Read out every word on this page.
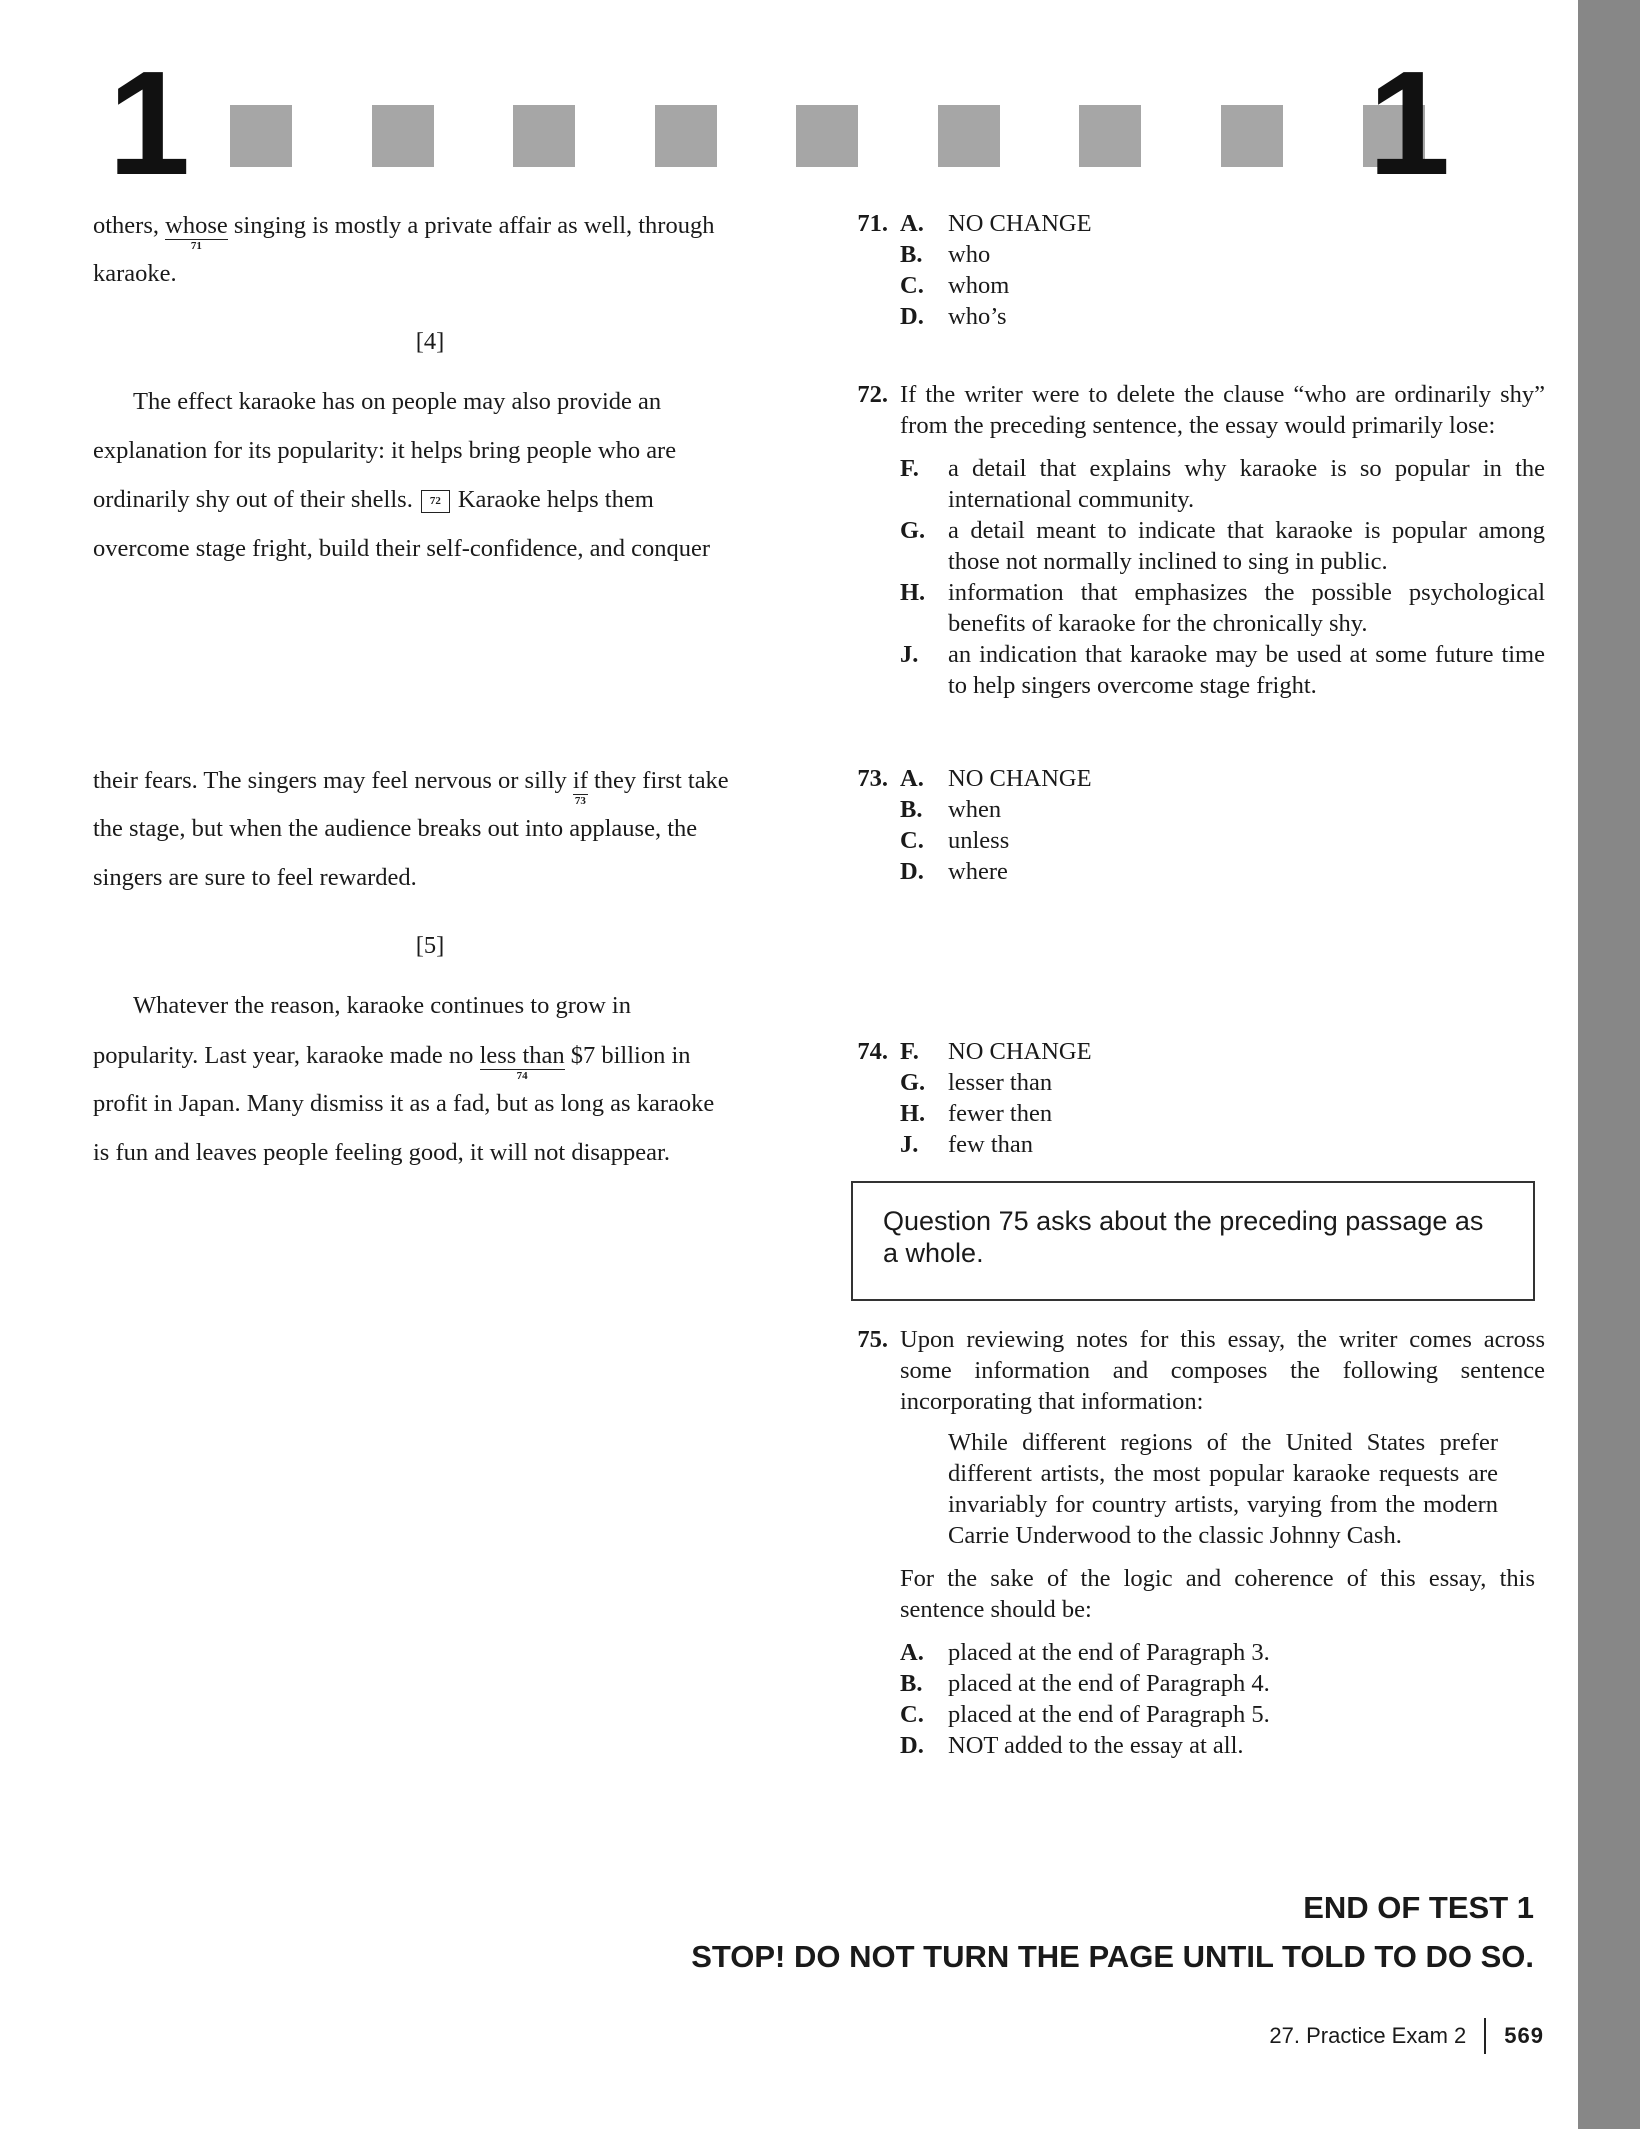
1	1
others, whose
71
singing is mostly a private affair as well, through
karaoke.
[4]
The effect karaoke has on people may also provide an
explanation for its popularity: it helps bring people who are
ordinarily shy out of their shells. 72 Karaoke helps them
overcome stage fright, build their self-confidence, and conquer
their fears. The singers may feel nervous or silly if
73
they first take
the stage, but when the audience breaks out into applause, the
singers are sure to feel rewarded.
[5]
Whatever the reason, karaoke continues to grow in
popularity. Last year, karaoke made no less than
74
$7 billion in
profit in Japan. Many dismiss it as a fad, but as long as karaoke
is fun and leaves people feeling good, it will not disappear.
71. A. NO CHANGE
B. who
C. whom
D. who’s
72. If the writer were to delete the clause “who are ordinarily shy” from the preceding sentence, the essay would primarily lose:
F. a detail that explains why karaoke is so popular in the international community.
G. a detail meant to indicate that karaoke is popular among those not normally inclined to sing in public.
H. information that emphasizes the possible psychological benefits of karaoke for the chronically shy.
J. an indication that karaoke may be used at some future time to help singers overcome stage fright.
73. A. NO CHANGE
B. when
C. unless
D. where
74. F. NO CHANGE
G. lesser than
H. fewer then
J. few than
Question 75 asks about the preceding passage as a whole.
75. Upon reviewing notes for this essay, the writer comes across some information and composes the following sentence incorporating that information:
While different regions of the United States prefer different artists, the most popular karaoke requests are invariably for country artists, varying from the modern Carrie Underwood to the classic Johnny Cash.
For the sake of the logic and coherence of this essay, this sentence should be:
A. placed at the end of Paragraph 3.
B. placed at the end of Paragraph 4.
C. placed at the end of Paragraph 5.
D. NOT added to the essay at all.
END OF TEST 1
STOP! DO NOT TURN THE PAGE UNTIL TOLD TO DO SO.
27. Practice Exam 2 569
